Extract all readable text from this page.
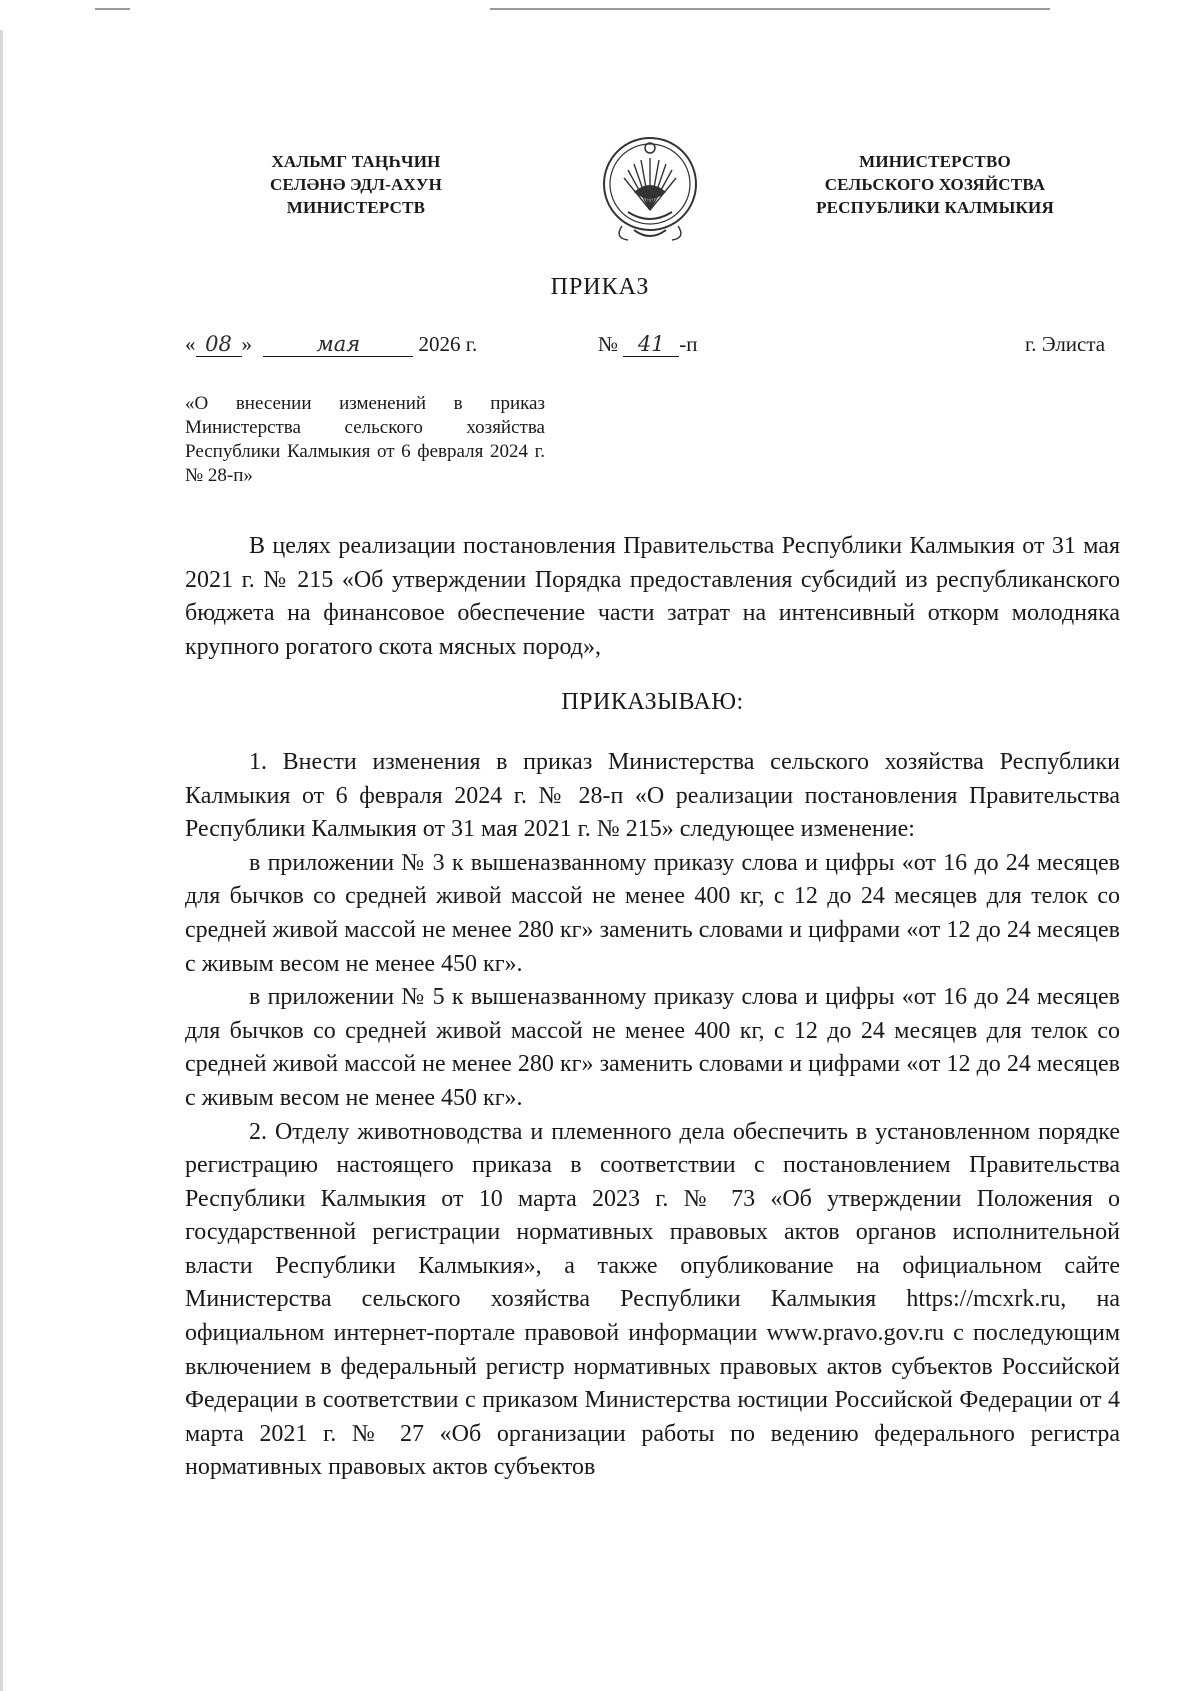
ХАЛЬМГ ТАҢҺЧИН
СЕЛӘНӘ ЭДЛ-АХУН
МИНИСТЕРСТВ
МИНИСТЕРСТВО
СЕЛЬСКОГО ХОЗЯЙСТВА
РЕСПУБЛИКИ КАЛМЫКИЯ
ПРИКАЗ
« 08 »	мая	2026 г.	№ 41 -п	г. Элиста
«О внесении изменений в приказ Министерства сельского хозяйства Республики Калмыкия от 6 февраля 2024 г. № 28-п»

В целях реализации постановления Правительства Республики Калмыкия от 31 мая 2021 г. № 215 «Об утверждении Порядка предоставления субсидий из республиканского бюджета на финансовое обеспечение части затрат на интенсивный откорм молодняка крупного рогатого скота мясных пород»,

ПРИКАЗЫВАЮ:

1. Внести изменения в приказ Министерства сельского хозяйства Республики Калмыкия от 6 февраля 2024 г. № 28-п «О реализации постановления Правительства Республики Калмыкия от 31 мая 2021 г. № 215» следующее изменение:

в приложении № 3 к вышеназванному приказу слова и цифры «от 16 до 24 месяцев для бычков со средней живой массой не менее 400 кг, с 12 до 24 месяцев для телок со средней живой массой не менее 280 кг» заменить словами и цифрами «от 12 до 24 месяцев с живым весом не менее 450 кг».

в приложении № 5 к вышеназванному приказу слова и цифры «от 16 до 24 месяцев для бычков со средней живой массой не менее 400 кг, с 12 до 24 месяцев для телок со средней живой массой не менее 280 кг» заменить словами и цифрами «от 12 до 24 месяцев с живым весом не менее 450 кг».

2. Отделу животноводства и племенного дела обеспечить в установленном порядке регистрацию настоящего приказа в соответствии с постановлением Правительства Республики Калмыкия от 10 марта 2023 г. № 73 «Об утверждении Положения о государственной регистрации нормативных правовых актов органов исполнительной власти Республики Калмыкия», а также опубликование на официальном сайте Министерства сельского хозяйства Республики Калмыкия https://mcxrk.ru, на официальном интернет-портале правовой информации www.pravo.gov.ru с последующим включением в федеральный регистр нормативных правовых актов субъектов Российской Федерации в соответствии с приказом Министерства юстиции Российской Федерации от 4 марта 2021 г. № 27 «Об организации работы по ведению федерального регистра нормативных правовых актов субъектов
